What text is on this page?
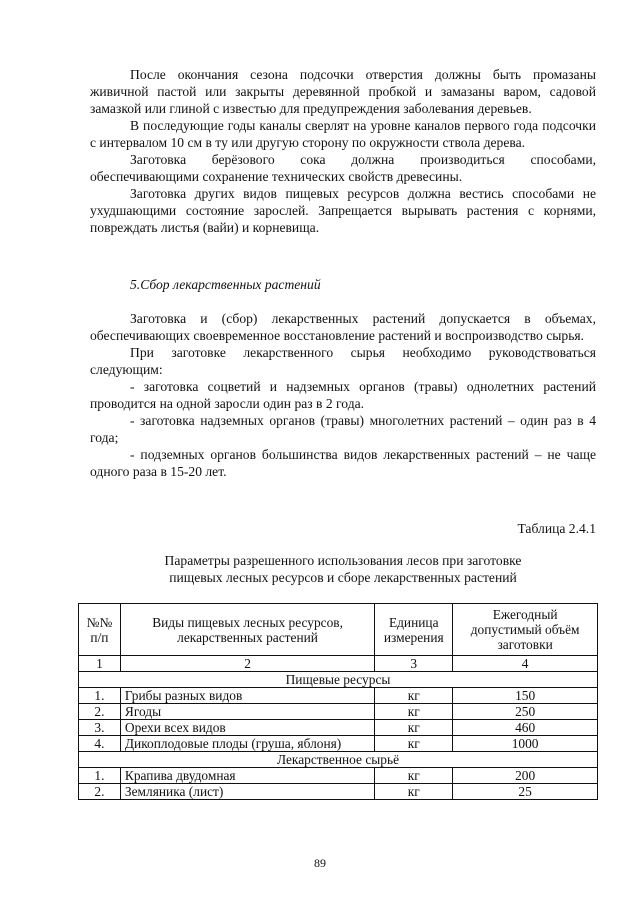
После окончания сезона подсочки отверстия должны быть промазаны живичной пастой или закрыты деревянной пробкой и замазаны варом, садовой замазкой или глиной с известью для предупреждения заболевания деревьев.

В последующие годы каналы сверлят на уровне каналов первого года подсочки с интервалом 10 см в ту или другую сторону по окружности ствола дерева.

Заготовка берёзового сока должна производиться способами, обеспечивающими сохранение технических свойств древесины.

Заготовка других видов пищевых ресурсов должна вестись способами не ухудшающими состояние зарослей. Запрещается вырывать растения с корнями, повреждать листья (вайи) и корневища.

5.Сбор лекарственных растений

Заготовка и (сбор) лекарственных растений допускается в объемах, обеспечивающих своевременное восстановление растений и воспроизводство сырья.

При заготовке лекарственного сырья необходимо руководствоваться следующим:

- заготовка соцветий и надземных органов (травы) однолетних растений проводится на одной заросли один раз в 2 года.

- заготовка надземных органов (травы) многолетних растений – один раз в 4 года;

- подземных органов большинства видов лекарственных растений – не чаще одного раза в 15-20 лет.

Таблица 2.4.1
Параметры разрешенного использования лесов при заготовке
пищевых лесных ресурсов и сборе лекарственных растений
№№ п/п	Виды пищевых лесных ресурсов, лекарственных растений	Единица измерения	Ежегодный допустимый объём заготовки
1	2	3	4
Пищевые ресурсы			
1.	Грибы разных видов	кг	150
2.	Ягоды	кг	250
3.	Орехи всех видов	кг	460
4.	Дикоплодовые плоды (груша, яблоня)	кг	1000
Лекарственное сырьё			
1.	Крапива двудомная	кг	200
2.	Земляника (лист)	кг	25
89
